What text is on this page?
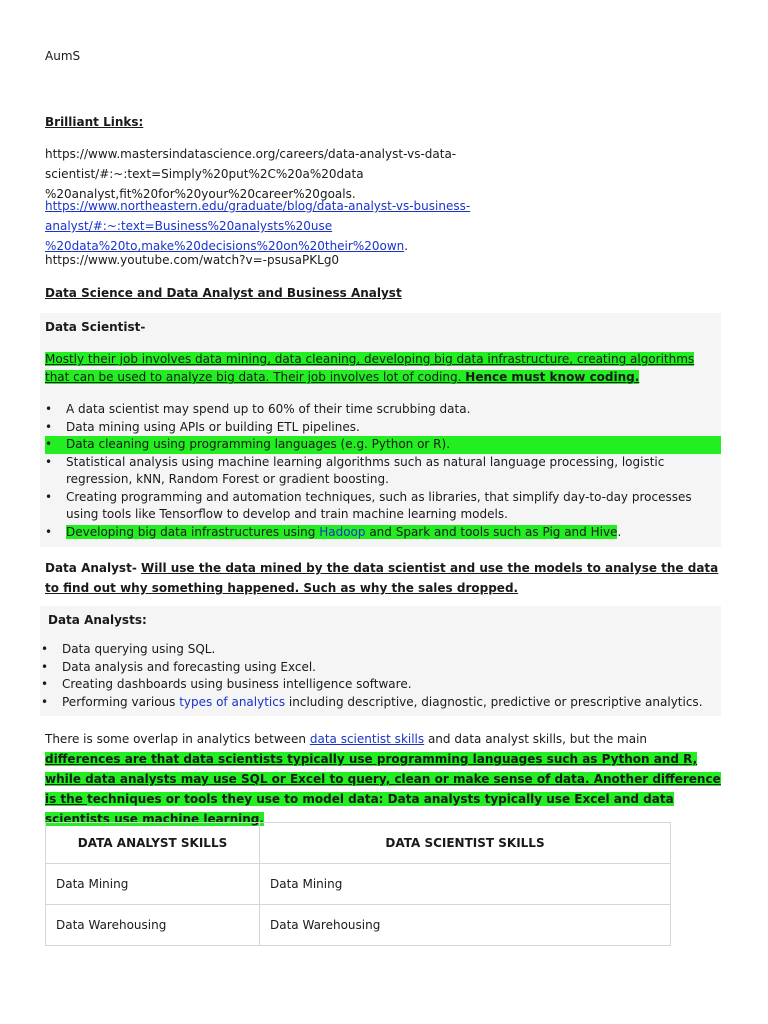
AumS
Brilliant Links:
https://www.mastersindatascience.org/careers/data-analyst-vs-data-scientist/#:~:text=Simply%20put%2C%20a%20data
%20analyst,fit%20for%20your%20career%20goals.
https://www.northeastern.edu/graduate/blog/data-analyst-vs-business-analyst/#:~:text=Business%20analysts%20use
%20data%20to,make%20decisions%20on%20their%20own.
https://www.youtube.com/watch?v=-psusaPKLg0
Data Science and Data Analyst and Business Analyst
Data Scientist-
Mostly their job involves data mining, data cleaning, developing big data infrastructure, creating algorithms that can be used to analyze big data. Their job involves lot of coding. Hence must know coding.
• A data scientist may spend up to 60% of their time scrubbing data.
• Data mining using APIs or building ETL pipelines.
• Data cleaning using programming languages (e.g. Python or R).
• Statistical analysis using machine learning algorithms such as natural language processing, logistic regression, kNN, Random Forest or gradient boosting.
• Creating programming and automation techniques, such as libraries, that simplify day-to-day processes using tools like Tensorflow to develop and train machine learning models.
• Developing big data infrastructures using Hadoop and Spark and tools such as Pig and Hive.
Data Analyst- Will use the data mined by the data scientist and use the models to analyse the data to find out why something happened. Such as why the sales dropped.
Data Analysts:
• Data querying using SQL.
• Data analysis and forecasting using Excel.
• Creating dashboards using business intelligence software.
• Performing various types of analytics including descriptive, diagnostic, predictive or prescriptive analytics.
There is some overlap in analytics between data scientist skills and data analyst skills, but the main differences are that data scientists typically use programming languages such as Python and R, while data analysts may use SQL or Excel to query, clean or make sense of data. Another difference is the techniques or tools they use to model data: Data analysts typically use Excel and data scientists use machine learning.
DATA ANALYST SKILLS	DATA SCIENTIST SKILLS
Data Mining	Data Mining
Data Warehousing	Data Warehousing
